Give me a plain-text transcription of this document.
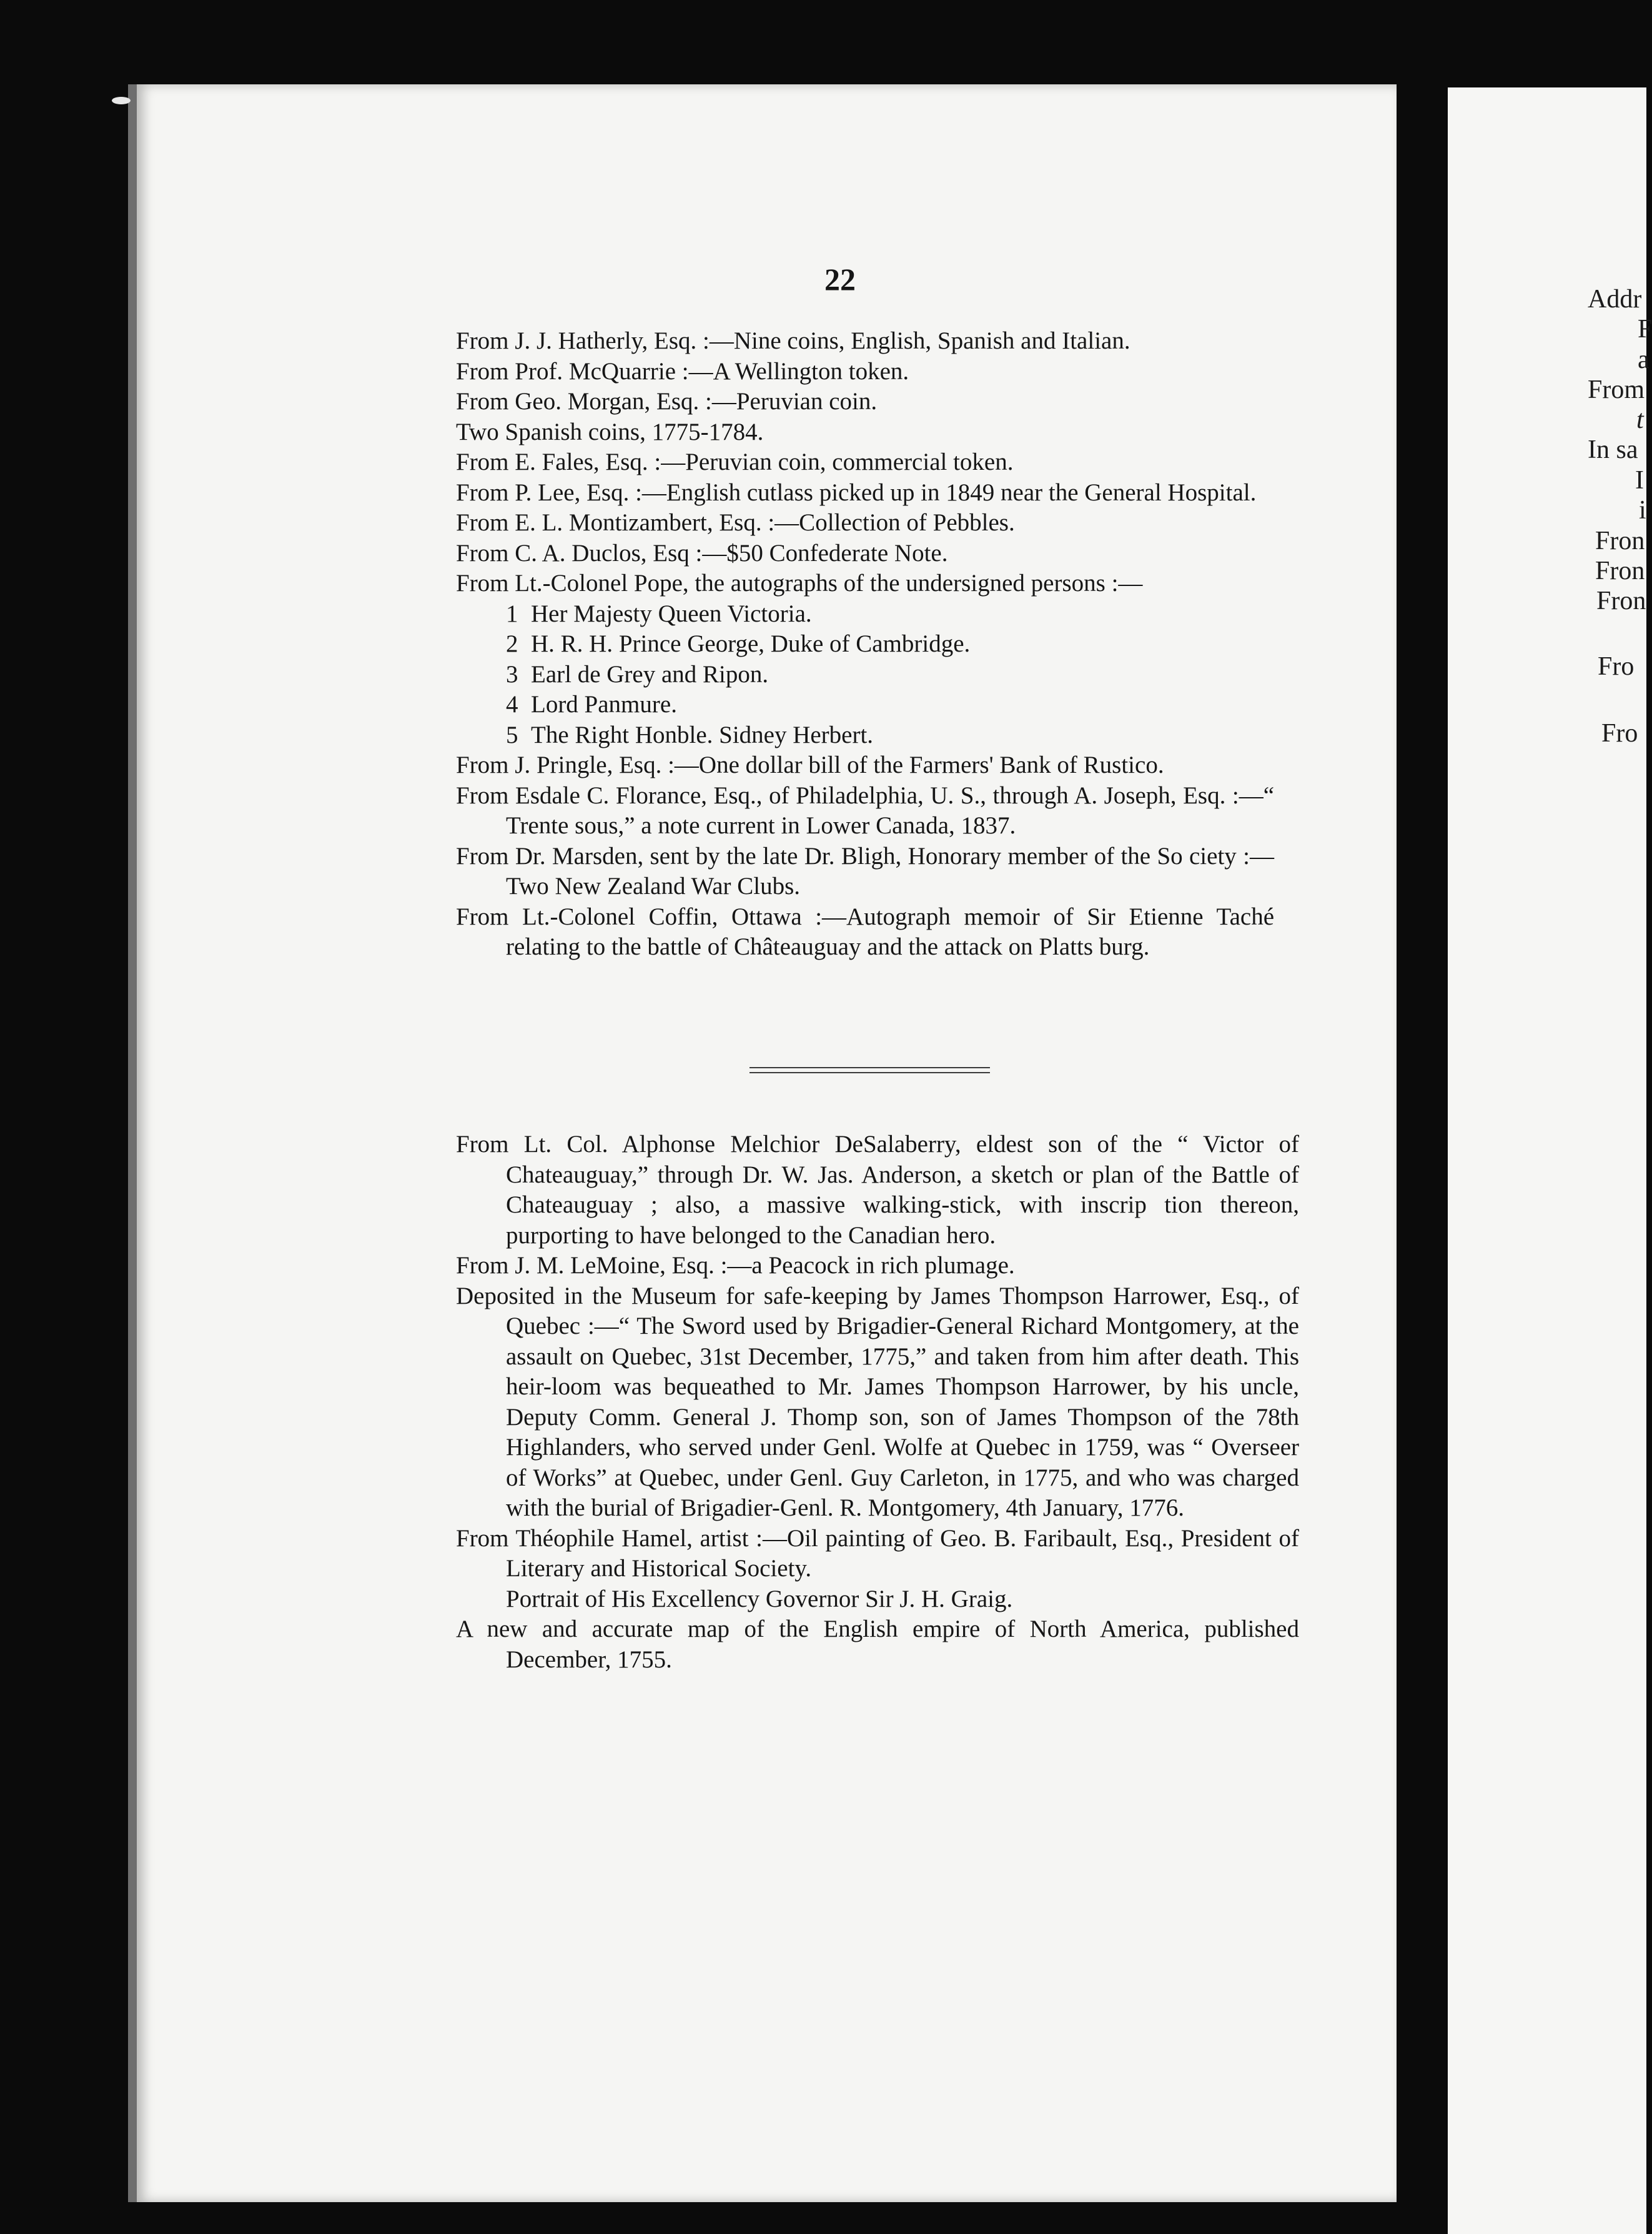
Addr
F
a
From
t
In sa
I
i
Fron
Fron
Fron
Fro
Fro
22

From J. J. Hatherly, Esq. :—Nine coins, English, Spanish and Italian.

From Prof. McQuarrie :—A Wellington token.

From Geo. Morgan, Esq. :—Peruvian coin.

Two Spanish coins, 1775-1784.

From E. Fales, Esq. :—Peruvian coin, commercial token.

From P. Lee, Esq. :—English cutlass picked up in 1849 near the General Hospital.

From E. L. Montizambert, Esq. :—Collection of Pebbles.

From C. A. Duclos, Esq :—$50 Confederate Note.

From Lt.-Colonel Pope, the autographs of the undersigned persons :—

1 Her Majesty Queen Victoria.

2 H. R. H. Prince George, Duke of Cambridge.

3 Earl de Grey and Ripon.

4 Lord Panmure.

5 The Right Honble. Sidney Herbert.

From J. Pringle, Esq. :—One dollar bill of the Farmers' Bank of Rustico.

From Esdale C. Florance, Esq., of Philadelphia, U. S., through A. Joseph, Esq. :—“ Trente sous,” a note current in Lower Canada, 1837.

From Dr. Marsden, sent by the late Dr. Bligh, Honorary member of the So ciety :—Two New Zealand War Clubs.

From Lt.-Colonel Coffin, Ottawa :—Autograph memoir of Sir Etienne Taché relating to the battle of Châteauguay and the attack on Platts burg.

From Lt. Col. Alphonse Melchior DeSalaberry, eldest son of the “ Victor of Chateauguay,” through Dr. W. Jas. Anderson, a sketch or plan of the Battle of Chateauguay ; also, a massive walking-stick, with inscrip tion thereon, purporting to have belonged to the Canadian hero.

From J. M. LeMoine, Esq. :—a Peacock in rich plumage.

Deposited in the Museum for safe-keeping by James Thompson Harrower, Esq., of Quebec :—“ The Sword used by Brigadier-General Richard Montgomery, at the assault on Quebec, 31st December, 1775,” and taken from him after death. This heir-loom was bequeathed to Mr. James Thompson Harrower, by his uncle, Deputy Comm. General J. Thomp son, son of James Thompson of the 78th Highlanders, who served under Genl. Wolfe at Quebec in 1759, was “ Overseer of Works” at Quebec, under Genl. Guy Carleton, in 1775, and who was charged with the burial of Brigadier-Genl. R. Montgomery, 4th January, 1776.

From Théophile Hamel, artist :—Oil painting of Geo. B. Faribault, Esq., President of Literary and Historical Society.

Portrait of His Excellency Governor Sir J. H. Graig.

A new and accurate map of the English empire of North America, published December, 1755.
